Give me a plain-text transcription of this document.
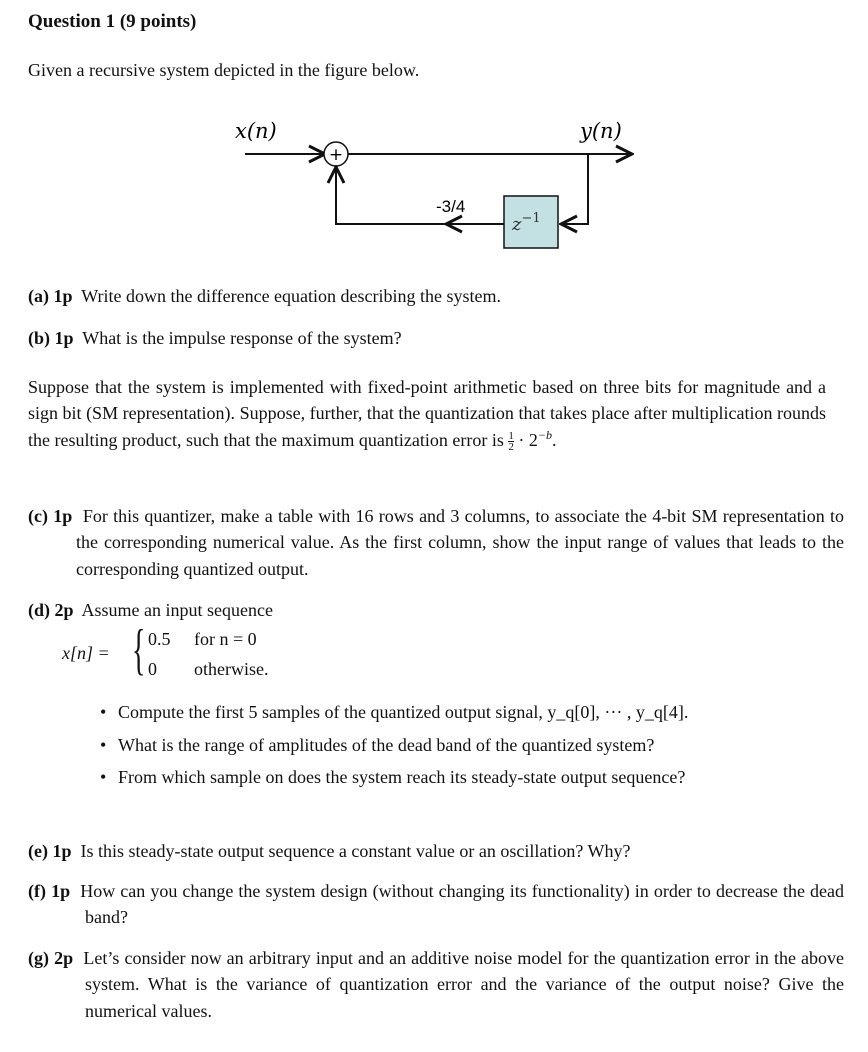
Question 1 (9 points)
Given a recursive system depicted in the figure below.
+
$z^{-1}$
-3/4
x(n)	y(n)
(a) 1p Write down the difference equation describing the system.
(b) 1p What is the impulse response of the system?
Suppose that the system is implemented with fixed-point arithmetic based on three bits for magnitude and a sign bit (SM representation). Suppose, further, that the quantization that takes place after multiplication rounds the resulting product, such that the maximum quantization error is $\frac{1}{2} \cdot 2^{-b}$.
(c) 1p For this quantizer, make a table with 16 rows and 3 columns, to associate the 4-bit SM representation to the corresponding numerical value. As the first column, show the input range of values that leads to the corresponding quantized output.
(d) 2p Assume an input sequence
x[n] = { 0.5 for n = 0
0 otherwise.
• Compute the first 5 samples of the quantized output signal, y_q[0], ··· , y_q[4].
• What is the range of amplitudes of the dead band of the quantized system?
• From which sample on does the system reach its steady-state output sequence?
(e) 1p Is this steady-state output sequence a constant value or an oscillation? Why?
(f) 1p How can you change the system design (without changing its functionality) in order to decrease the dead band?
(g) 2p Let’s consider now an arbitrary input and an additive noise model for the quantization error in the above system. What is the variance of quantization error and the variance of the output noise? Give the numerical values.
